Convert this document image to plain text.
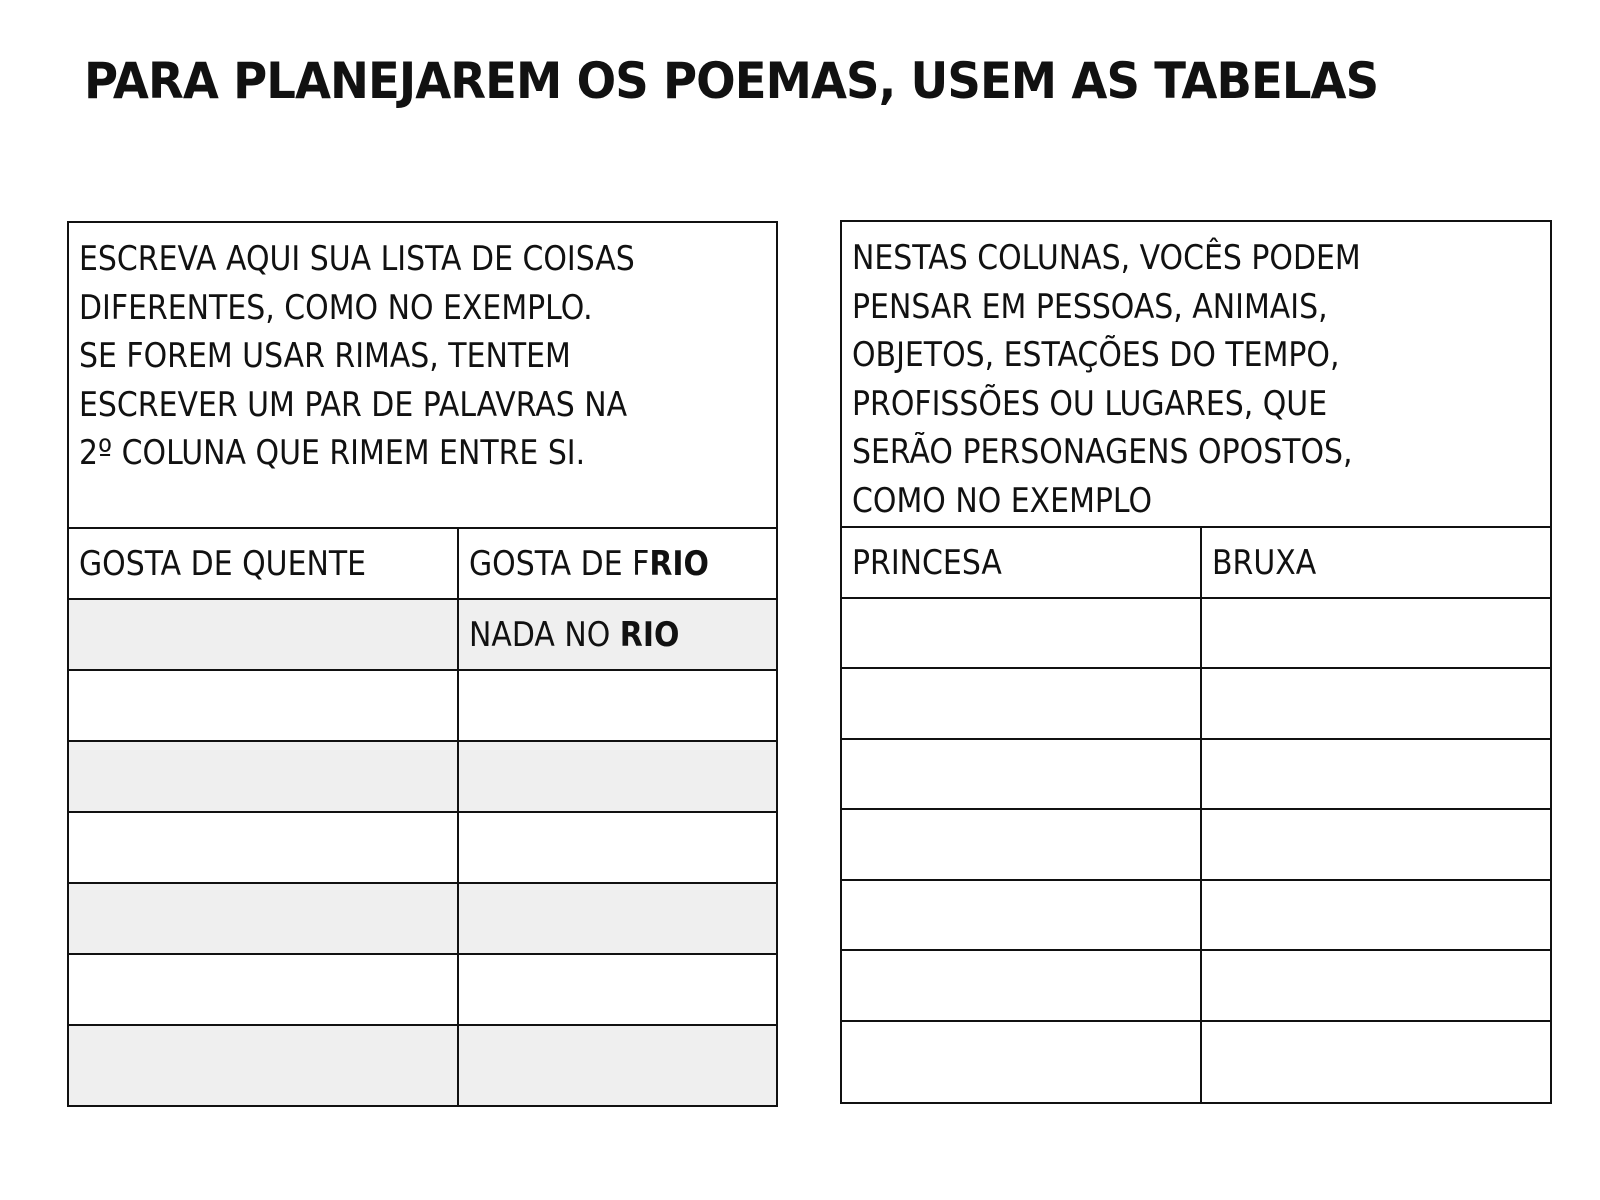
PARA PLANEJAREM OS POEMAS, USEM AS TABELAS
ESCREVA AQUI SUA LISTA DE COISAS
DIFERENTES, COMO NO EXEMPLO.
SE FOREM USAR RIMAS, TENTEM
ESCREVER UM PAR DE PALAVRAS NA
2º COLUNA QUE RIMEM ENTRE SI.
GOSTA DE QUENTE	GOSTA DE FRIO
NADA NO RIO
NESTAS COLUNAS, VOCÊS PODEM
PENSAR EM PESSOAS, ANIMAIS,
OBJETOS, ESTAÇÕES DO TEMPO,
PROFISSÕES OU LUGARES, QUE
SERÃO PERSONAGENS OPOSTOS,
COMO NO EXEMPLO
PRINCESA	BRUXA
